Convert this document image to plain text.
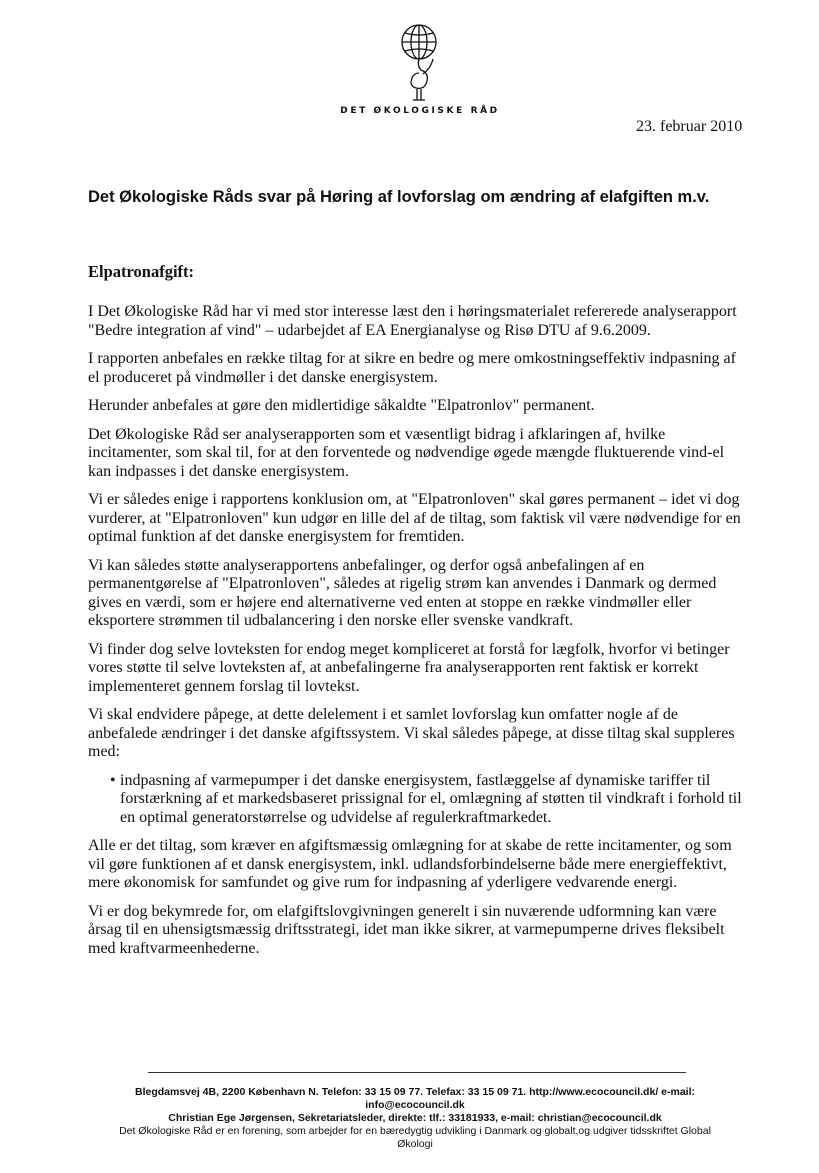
DET ØKOLOGISKE RÅD
23. februar 2010
Det Økologiske Råds svar på Høring af lovforslag om ændring af elafgiften m.v.
Elpatronafgift:

I Det Økologiske Råd har vi med stor interesse læst den i høringsmaterialet refererede analyserapport "Bedre integration af vind" – udarbejdet af EA Energianalyse og Risø DTU af 9.6.2009.

I rapporten anbefales en række tiltag for at sikre en bedre og mere omkostningseffektiv indpasning af el produceret på vindmøller i det danske energisystem.

Herunder anbefales at gøre den midlertidige såkaldte "Elpatronlov" permanent.

Det Økologiske Råd ser analyserapporten som et væsentligt bidrag i afklaringen af, hvilke incitamenter, som skal til, for at den forventede og nødvendige øgede mængde fluktuerende vind-el kan indpasses i det danske energisystem.

Vi er således enige i rapportens konklusion om, at "Elpatronloven" skal gøres permanent – idet vi dog vurderer, at "Elpatronloven" kun udgør en lille del af de tiltag, som faktisk vil være nødvendige for en optimal funktion af det danske energisystem for fremtiden.

Vi kan således støtte analyserapportens anbefalinger, og derfor også anbefalingen af en permanentgørelse af "Elpatronloven", således at rigelig strøm kan anvendes i Danmark og dermed gives en værdi, som er højere end alternativerne ved enten at stoppe en række vindmøller eller eksportere strømmen til udbalancering i den norske eller svenske vandkraft.

Vi finder dog selve lovteksten for endog meget kompliceret at forstå for lægfolk, hvorfor vi betinger vores støtte til selve lovteksten af, at anbefalingerne fra analyserapporten rent faktisk er korrekt implementeret gennem forslag til lovtekst.

Vi skal endvidere påpege, at dette delelement i et samlet lovforslag kun omfatter nogle af de anbefalede ændringer i det danske afgiftssystem. Vi skal således påpege, at disse tiltag skal suppleres med:

• indpasning af varmepumper i det danske energisystem, fastlæggelse af dynamiske tariffer til forstærkning af et markedsbaseret prissignal for el, omlægning af støtten til vindkraft i forhold til en optimal generatorstørrelse og udvidelse af regulerkraftmarkedet.

Alle er det tiltag, som kræver en afgiftsmæssig omlægning for at skabe de rette incitamenter, og som vil gøre funktionen af et dansk energisystem, inkl. udlandsforbindelserne både mere energieffektivt, mere økonomisk for samfundet og give rum for indpasning af yderligere vedvarende energi.

Vi er dog bekymrede for, om elafgiftslovgivningen generelt i sin nuværende udformning kan være årsag til en uhensigtsmæssig driftsstrategi, idet man ikke sikrer, at varmepumperne drives fleksibelt med kraftvarmeenhederne.

Blegdamsvej 4B, 2200 København N. Telefon: 33 15 09 77. Telefax: 33 15 09 71. http://www.ecocouncil.dk/ e-mail: info@ecocouncil.dk
Christian Ege Jørgensen, Sekretariatsleder, direkte: tlf.: 33181933, e-mail: christian@ecocouncil.dk
Det Økologiske Råd er en forening, som arbejder for en bæredygtig udvikling i Danmark og globalt,og udgiver tidsskriftet Global Økologi
